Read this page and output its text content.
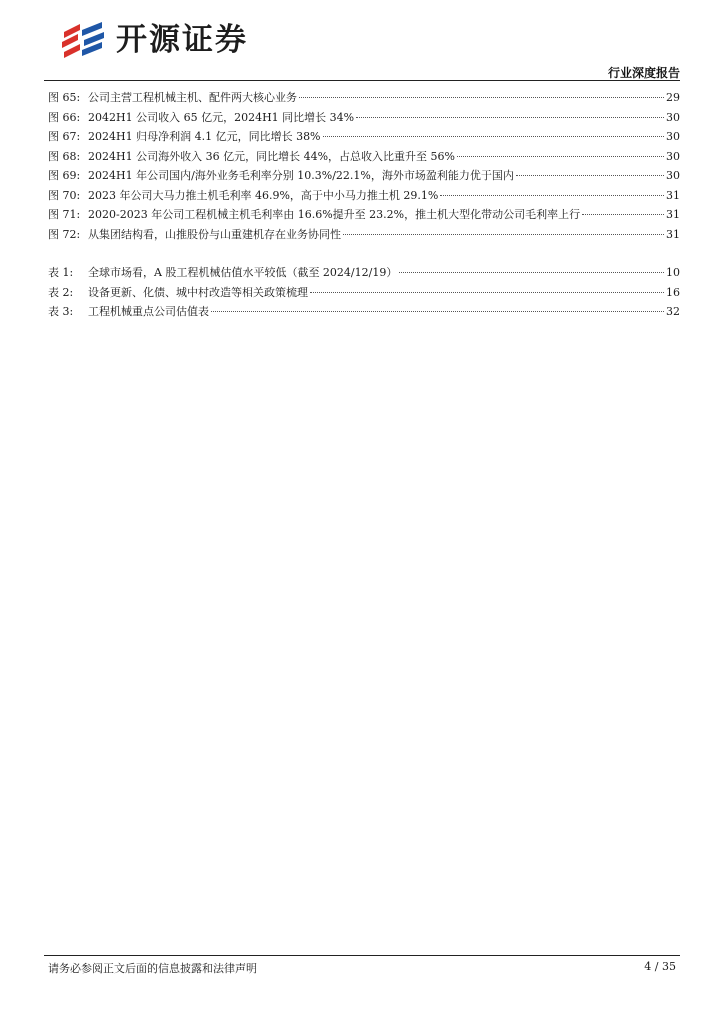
开源证券
行业深度报告
图 65: 公司主营工程机械主机、配件两大核心业务	29
图 66: 2042H1 公司收入 65 亿元，2024H1 同比增长 34%	30
图 67: 2024H1 归母净利润 4.1 亿元，同比增长 38%	30
图 68: 2024H1 公司海外收入 36 亿元，同比增长 44%，占总收入比重升至 56%	30
图 69: 2024H1 年公司国内/海外业务毛利率分别 10.3%/22.1%，海外市场盈利能力优于国内	30
图 70: 2023 年公司大马力推土机毛利率 46.9%，高于中小马力推土机 29.1%	31
图 71: 2020-2023 年公司工程机械主机毛利率由 16.6%提升至 23.2%，推土机大型化带动公司毛利率上行	31
图 72: 从集团结构看，山推股份与山重建机存在业务协同性	31
表 1:	全球市场看，A 股工程机械估值水平较低（截至 2024/12/19）	10
表 2:	设备更新、化债、城中村改造等相关政策梳理	16
表 3:	工程机械重点公司估值表	32
请务必参阅正文后面的信息披露和法律声明	4 / 35
